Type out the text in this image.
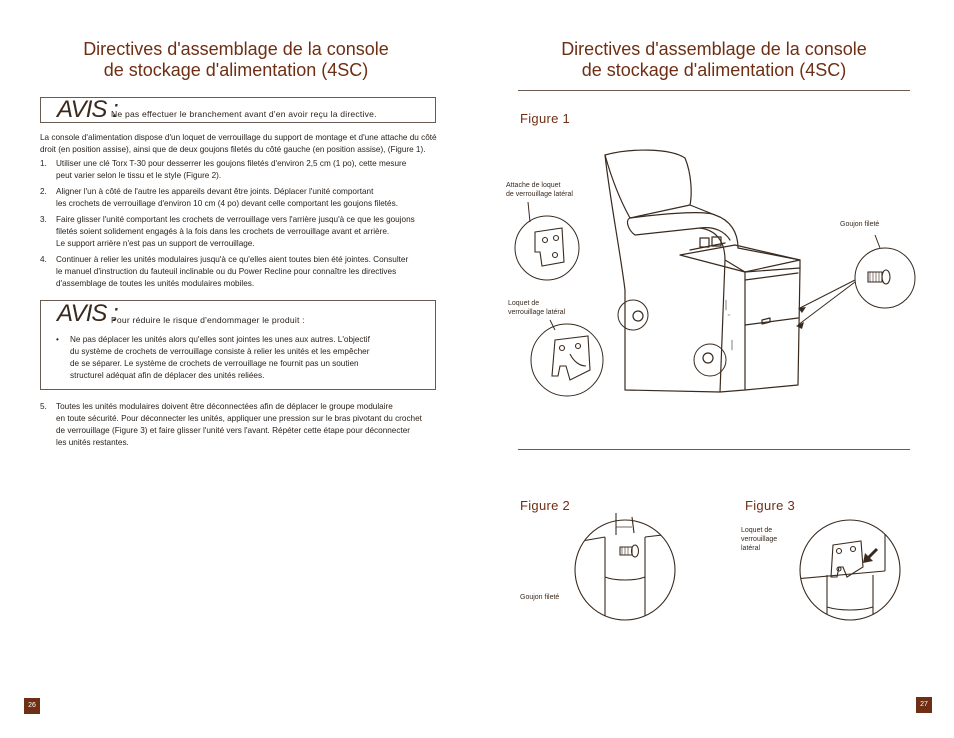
Directives d'assemblage de la console
de stockage d'alimentation (4SC)
AVIS :
Ne pas effectuer le branchement avant d'en avoir reçu la directive.
La console d'alimentation dispose d'un loquet de verrouillage du support de montage et d'une attache du côté
droit (en position assise), ainsi que de deux goujons filetés du côté gauche (en position assise), (Figure 1).
1. Utiliser une clé Torx T-30 pour desserrer les goujons filetés d'environ 2,5 cm (1 po), cette mesure
peut varier selon le tissu et le style (Figure 2).
2. Aligner l'un à côté de l'autre les appareils devant être joints. Déplacer l'unité comportant
les crochets de verrouillage d'environ 10 cm (4 po) devant celle comportant les goujons filetés.
3. Faire glisser l'unité comportant les crochets de verrouillage vers l'arrière jusqu'à ce que les goujons
filetés soient solidement engagés à la fois dans les crochets de verrouillage avant et arrière.
Le support arrière n'est pas un support de verrouillage.
4. Continuer à relier les unités modulaires jusqu'à ce qu'elles aient toutes bien été jointes. Consulter
le manuel d'instruction du fauteuil inclinable ou du Power Recline pour connaître les directives
d'assemblage de toutes les unités modulaires mobiles.
AVIS :
Pour réduire le risque d'endommager le produit :
• Ne pas déplacer les unités alors qu'elles sont jointes les unes aux autres. L'objectif
du système de crochets de verrouillage consiste à relier les unités et les empêcher
de se séparer. Le système de crochets de verrouillage ne fournit pas un soutien
structurel adéquat afin de déplacer des unités reliées.
5. Toutes les unités modulaires doivent être déconnectées afin de déplacer le groupe modulaire
en toute sécurité. Pour déconnecter les unités, appliquer une pression sur le bras pivotant du crochet
de verrouillage (Figure 3) et faire glisser l'unité vers l'avant. Répéter cette étape pour déconnecter
les unités restantes.
26
Directives d'assemblage de la console
de stockage d'alimentation (4SC)
Figure 1
Attache de loquet
de verrouillage latéral
Goujon fileté
Loquet de
verrouillage latéral
Figure 2	Figure 3
Goujon fileté
Loquet de
verrouillage
latéral
27
